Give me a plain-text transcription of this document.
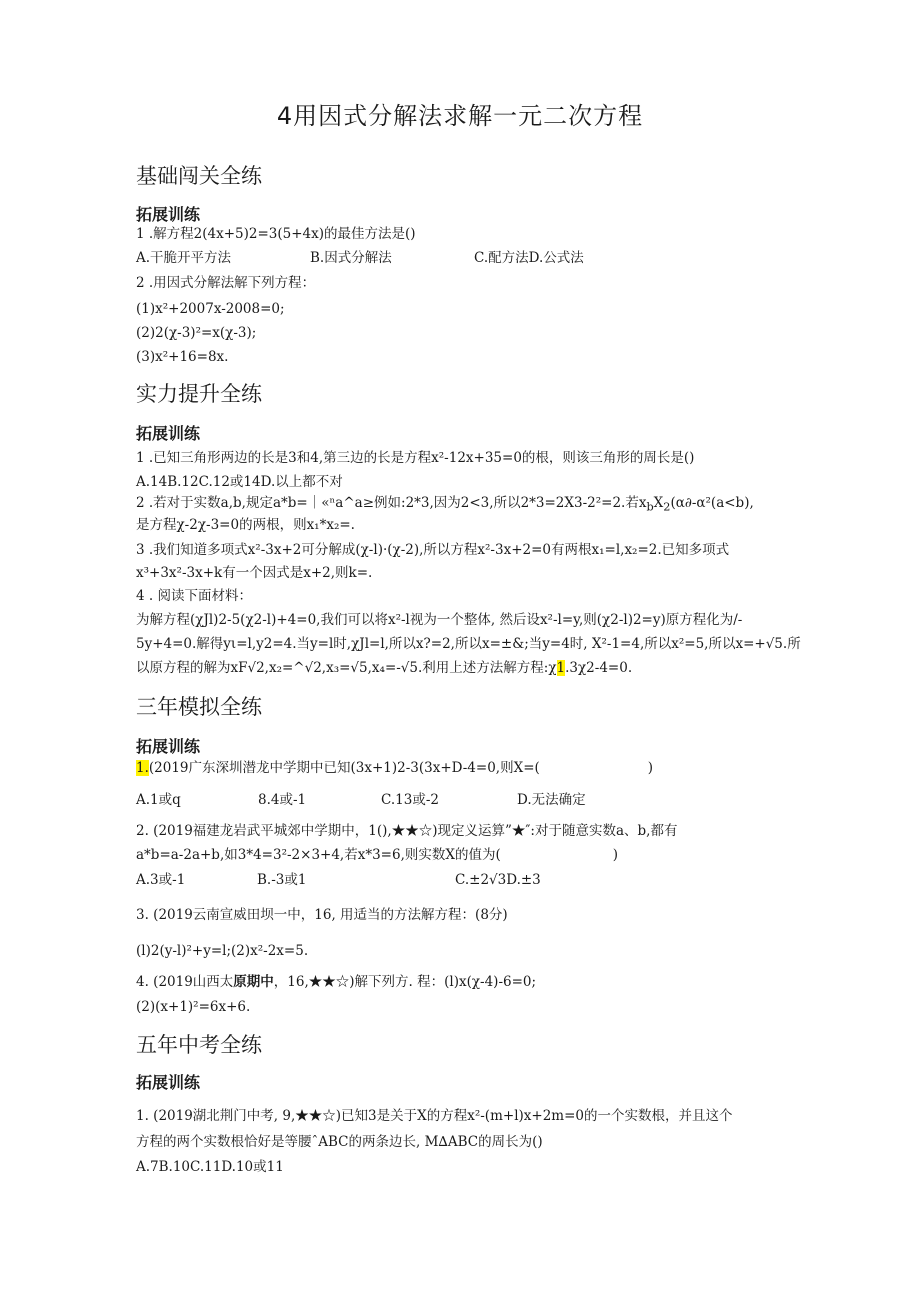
4用因式分解法求解一元二次方程
基础闯关全练
拓展训练
1 .解方程2(4x+5)2=3(5+4x)的最佳方法是()
A.干脆开平方法	B.因式分解法	C.配方法D.公式法
2 .用因式分解法解下列方程：
(1)x²+2007x-2008=0;
(2)2(χ-3)²=x(χ-3);
(3)x²+16=8x.
实力提升全练
拓展训练
1 .已知三角形两边的长是3和4,第三边的长是方程x²-12x+35=0的根，则该三角形的周长是()
A.14B.12C.12或14D.以上都不对
2 .若对于实数a,b,规定a*b=｜«ⁿa^a≥例如:2*3,因为2<3,所以2*3=2X3-2²=2.若$x_bX_2(\alpha\partial-\alpha^2(a<b)$,
是方程χ-2χ-3=0的两根，则x₁*x₂=.
3 .我们知道多项式x²-3x+2可分解成(χ-l)·(χ-2),所以方程x²-3x+2=0有两根x₁=l,x₂=2.已知多项式
x³+3x²-3x+k有一个因式是x+2,则k=.
4 . 阅读下面材料：
为解方程(χJl)2-5(χ2-l)+4=0,我们可以将x²-l视为一个整体, 然后设x²-l=y,则(χ2-l)2=y)原方程化为/-
5y+4=0.解得yι=l,y2=4.当y=l时,χJl=l,所以x?=2,所以x=±&;当y=4时, X²-1=4,所以x²=5,所以x=+√5.所
以原方程的解为xF√2,x₂=^√2,x₃=√5,x₄=-√5.利用上述方法解方程:χ1.3χ2-4=0.
三年模拟全练
拓展训练
1.(2019广东深圳潜龙中学期中已知(3x+1)2-3(3x+D-4=0,则X=(	)
A.1或q	8.4或-1	C.13或-2	D.无法确定
2. (2019福建龙岩武平城郊中学期中，1(),★★☆)现定义运算”★″:对于随意实数a、b,都有
a*b=a-2a+b,如3*4=3²-2×3+4,若x*3=6,则实数X的值为(	)
A.3或-1	B.-3或1	C.±2√3D.±3
3. (2019云南宣威田坝一中，16, 用适当的方法解方程：(8分)
(l)2(y-l)²+y=l;(2)x²-2x=5.
4. (2019山西太原期中，16,★★☆)解下列方. 程：(l)x(χ-4)-6=0;
(2)(x+1)²=6x+6.
五年中考全练
拓展训练
1. (2019湖北荆门中考, 9,★★☆)已知3是关于X的方程x²-(m+l)x+2m=0的一个实数根，并且这个
方程的两个实数根恰好是等腰ˆABC的两条边长, M∆ABC的周长为()
A.7B.10C.11D.10或11
